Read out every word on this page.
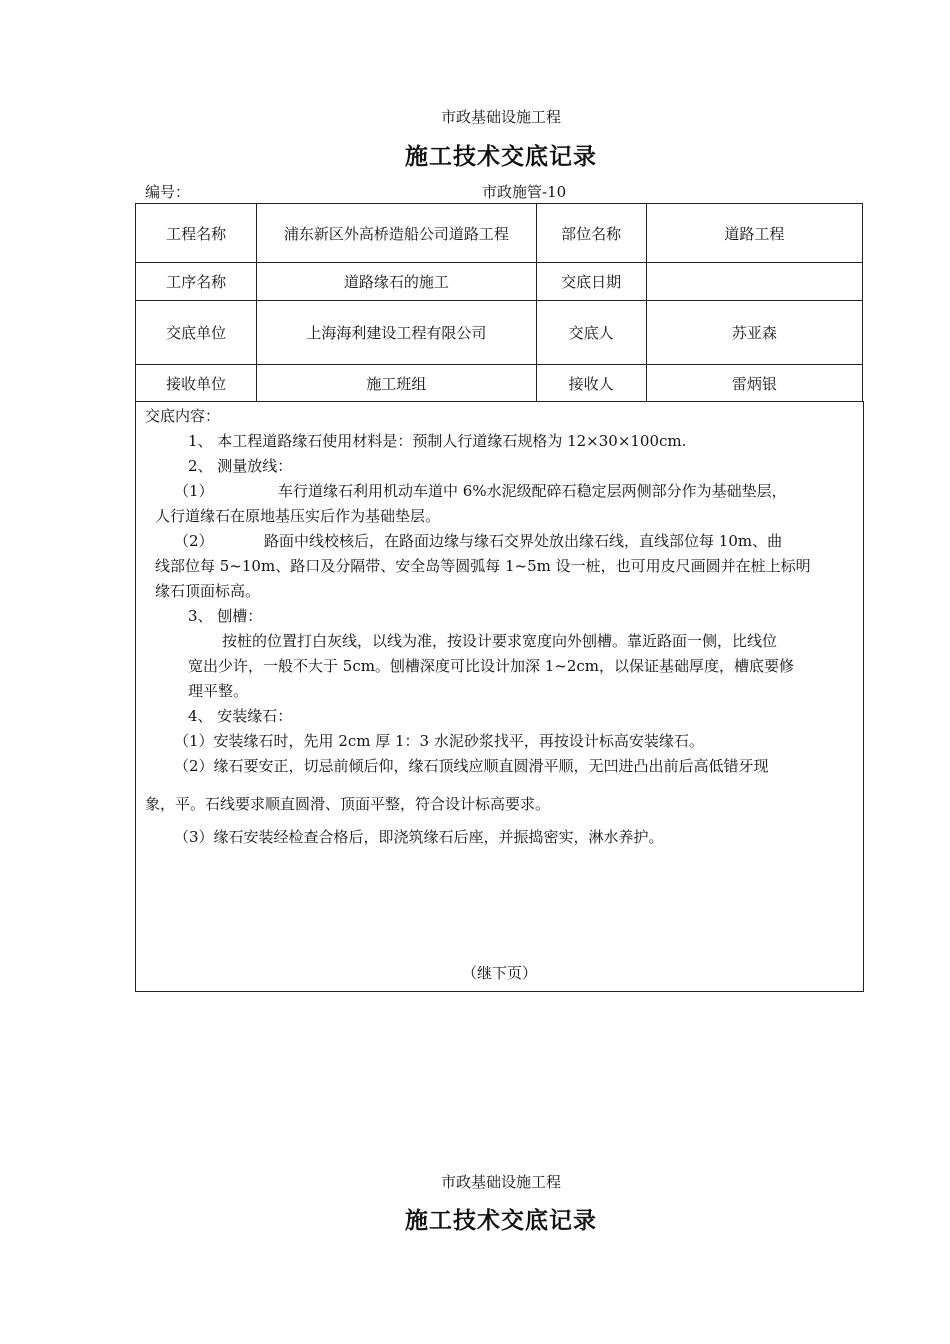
市政基础设施工程
施工技术交底记录
编号：	市政施管-10
工程名称	浦东新区外高桥造船公司道路工程	部位名称	道路工程
工序名称	道路缘石的施工	交底日期	
交底单位	上海海利建设工程有限公司	交底人	苏亚森
接收单位	施工班组	接收人	雷炳银

交底内容：

1、 本工程道路缘石使用材料是：预制人行道缘石规格为 12×30×100cm.

2、 测量放线：

（1）	车行道缘石利用机动车道中 6%水泥级配碎石稳定层两侧部分作为基础垫层，

人行道缘石在原地基压实后作为基础垫层。

（2）	路面中线校核后，在路面边缘与缘石交界处放出缘石线，直线部位每 10m、曲

线部位每 5~10m、路口及分隔带、安全岛等圆弧每 1~5m 设一桩，也可用皮尺画圆并在桩上标明

缘石顶面标高。

3、 刨槽：

按桩的位置打白灰线，以线为准，按设计要求宽度向外刨槽。靠近路面一侧，比线位

宽出少许，一般不大于 5cm。刨槽深度可比设计加深 1~2cm，以保证基础厚度，槽底要修

理平整。

4、 安装缘石：

（1）安装缘石时，先用 2cm 厚 1：3 水泥砂浆找平，再按设计标高安装缘石。

（2）缘石要安正，切忌前倾后仰，缘石顶线应顺直圆滑平顺，无凹进凸出前后高低错牙现

象，平。石线要求顺直圆滑、顶面平整，符合设计标高要求。

（3）缘石安装经检查合格后，即浇筑缘石后座，并振捣密实，淋水养护。

（继下页）

市政基础设施工程
施工技术交底记录
